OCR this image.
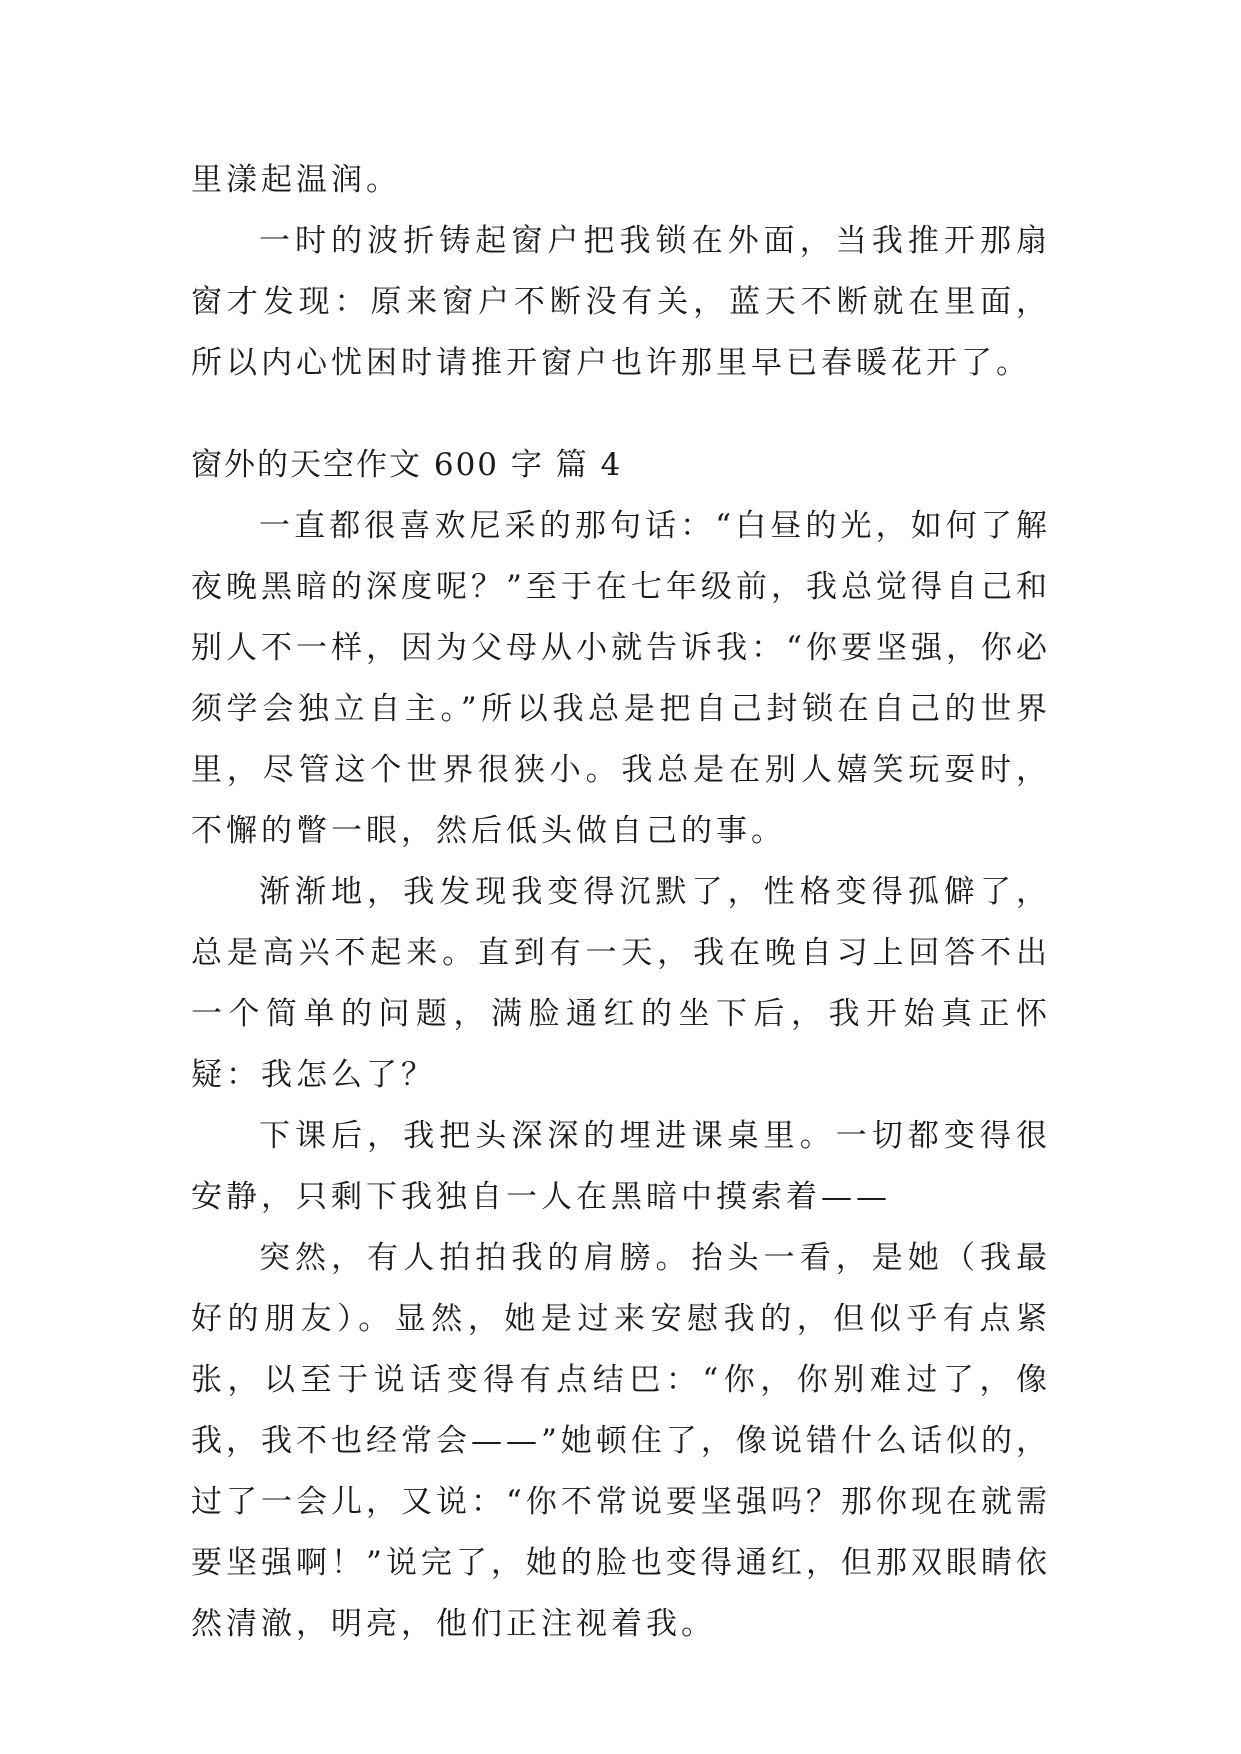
里漾起温润。

一时的波折铸起窗户把我锁在外面，当我推开那扇窗才发现：原来窗户不断没有关，蓝天不断就在里面，所以内心忧困时请推开窗户也许那里早已春暖花开了。

窗外的天空作文 600 字 篇 4

一直都很喜欢尼采的那句话：“白昼的光，如何了解夜晚黑暗的深度呢？”至于在七年级前，我总觉得自己和别人不一样，因为父母从小就告诉我：“你要坚强，你必须学会独立自主。”所以我总是把自己封锁在自己的世界里，尽管这个世界很狭小。我总是在别人嬉笑玩耍时，不懈的瞥一眼，然后低头做自己的事。

渐渐地，我发现我变得沉默了，性格变得孤僻了，总是高兴不起来。直到有一天，我在晚自习上回答不出一个简单的问题，满脸通红的坐下后，我开始真正怀疑：我怎么了？

下课后，我把头深深的埋进课桌里。一切都变得很安静，只剩下我独自一人在黑暗中摸索着——

突然，有人拍拍我的肩膀。抬头一看，是她（我最好的朋友）。显然，她是过来安慰我的，但似乎有点紧张，以至于说话变得有点结巴：“你，你别难过了，像我，我不也经常会——”她顿住了，像说错什么话似的，过了一会儿，又说：“你不常说要坚强吗？那你现在就需要坚强啊！”说完了，她的脸也变得通红，但那双眼睛依然清澈，明亮，他们正注视着我。
